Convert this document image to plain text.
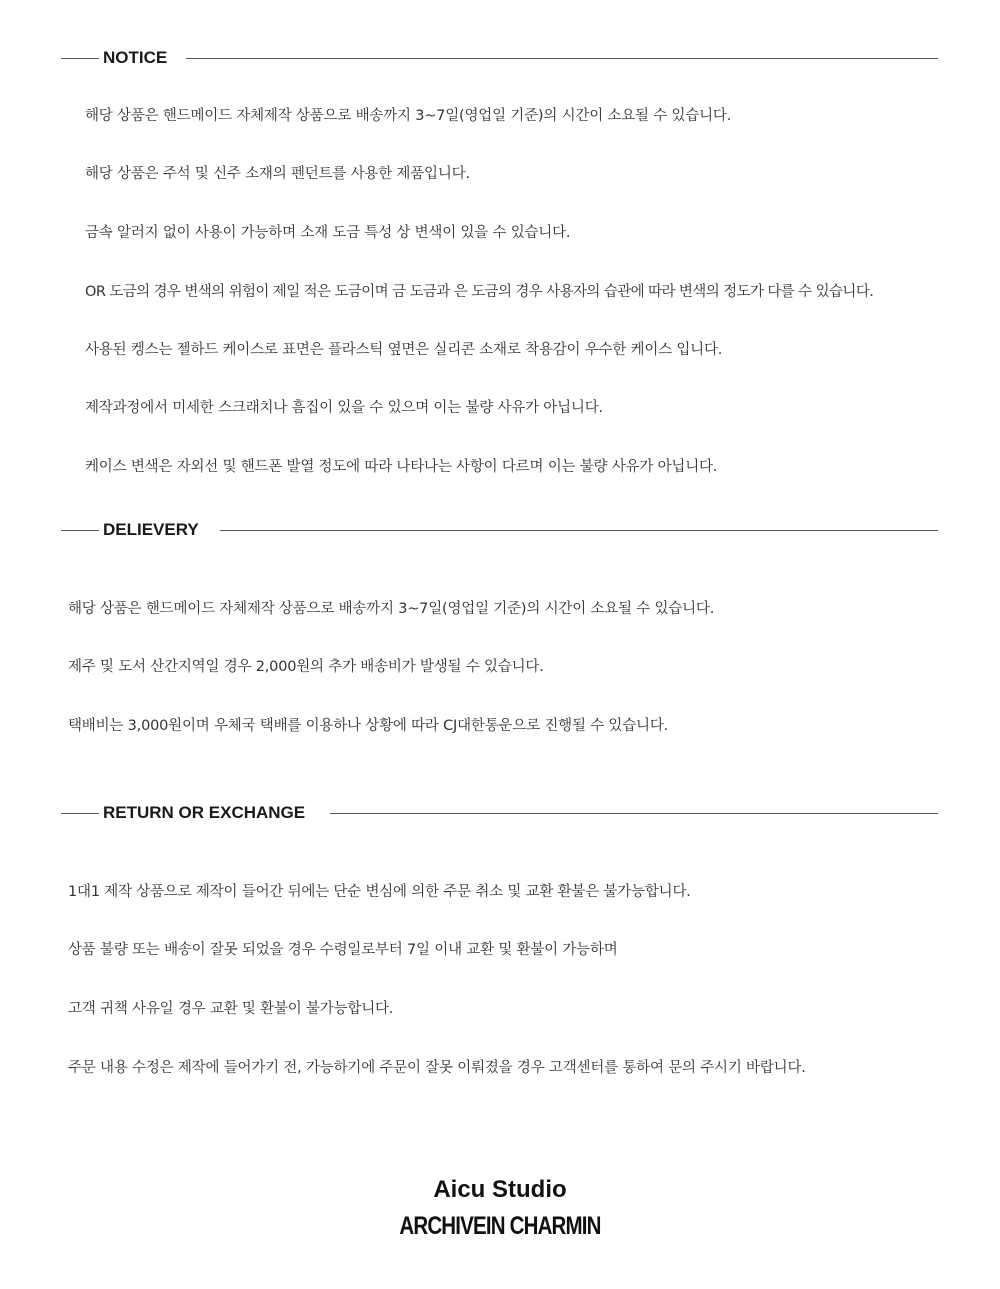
NOTICE
해당 상품은 핸드메이드 자체제작 상품으로 배송까지 3~7일(영업일 기준)의 시간이 소요될 수 있습니다.
해당 상품은 주석 및 신주 소재의 펜던트를 사용한 제품입니다.
금속 알러지 없이 사용이 가능하며 소재 도금 특성 상 변색이 있을 수 있습니다.
OR 도금의 경우 변색의 위험이 제일 적은 도금이며 금 도금과 은 도금의 경우 사용자의 습관에 따라 변색의 정도가 다를 수 있습니다.
사용된 켕스는 젤하드 케이스로 표면은 플라스틱 옆면은 실리콘 소재로 착용감이 우수한 케이스 입니다.
제작과정에서 미세한 스크래치나 흠집이 있을 수 있으며 이는 불량 사유가 아닙니다.
케이스 변색은 자외선 및 핸드폰 발열 정도에 따라 나타나는 사항이 다르며 이는 불량 사유가 아닙니다.
DELIEVERY
해당 상품은 핸드메이드 자체제작 상품으로 배송까지 3~7일(영업일 기준)의 시간이 소요될 수 있습니다.
제주 및 도서 산간지역일 경우 2,000원의 추가 배송비가 발생될 수 있습니다.
택배비는 3,000원이며 우체국 택배를 이용하나 상황에 따라 CJ대한통운으로 진행될 수 있습니다.
RETURN OR EXCHANGE
1대1 제작 상품으로 제작이 들어간 뒤에는 단순 변심에 의한 주문 취소 및 교환 환불은 불가능합니다.
상품 불량 또는 배송이 잘못 되었을 경우 수령일로부터 7일 이내 교환 및 환불이 가능하며
고객 귀책 사유일 경우 교환 및 환불이 불가능합니다.
주문 내용 수정은 제작에 들어가기 전, 가능하기에 주문이 잘못 이뤄졌을 경우 고객센터를 통하여 문의 주시기 바랍니다.
Aicu Studio
ARCHIVEIN CHARMIN
